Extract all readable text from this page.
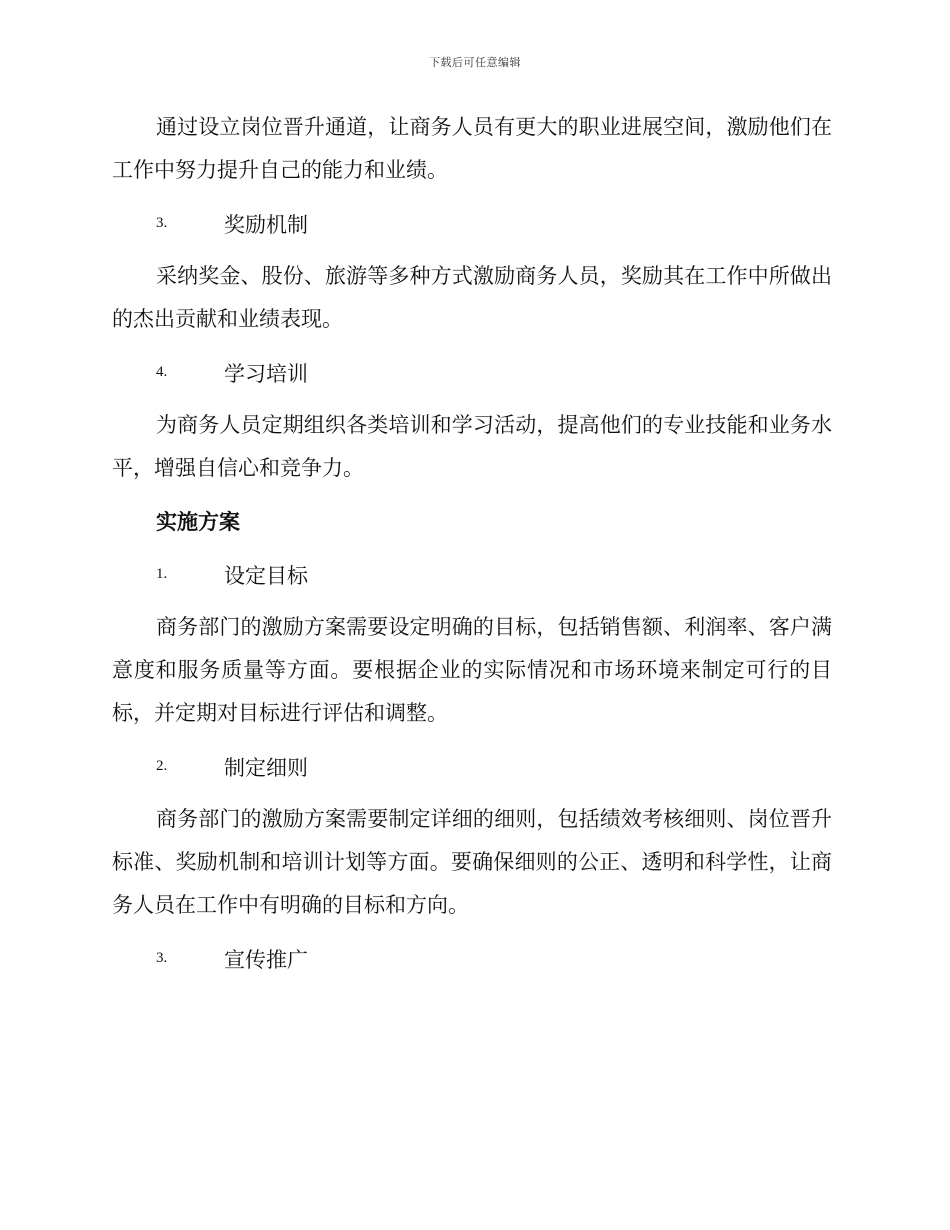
下载后可任意编辑

通过设立岗位晋升通道，让商务人员有更大的职业进展空间，激励他们在工作中努力提升自己的能力和业绩。

3.	奖励机制

采纳奖金、股份、旅游等多种方式激励商务人员，奖励其在工作中所做出的杰出贡献和业绩表现。

4.	学习培训

为商务人员定期组织各类培训和学习活动，提高他们的专业技能和业务水平，增强自信心和竞争力。

实施方案
1.	设定目标

商务部门的激励方案需要设定明确的目标，包括销售额、利润率、客户满意度和服务质量等方面。要根据企业的实际情况和市场环境来制定可行的目标，并定期对目标进行评估和调整。

2.	制定细则

商务部门的激励方案需要制定详细的细则，包括绩效考核细则、岗位晋升标准、奖励机制和培训计划等方面。要确保细则的公正、透明和科学性，让商务人员在工作中有明确的目标和方向。

3.	宣传推广
